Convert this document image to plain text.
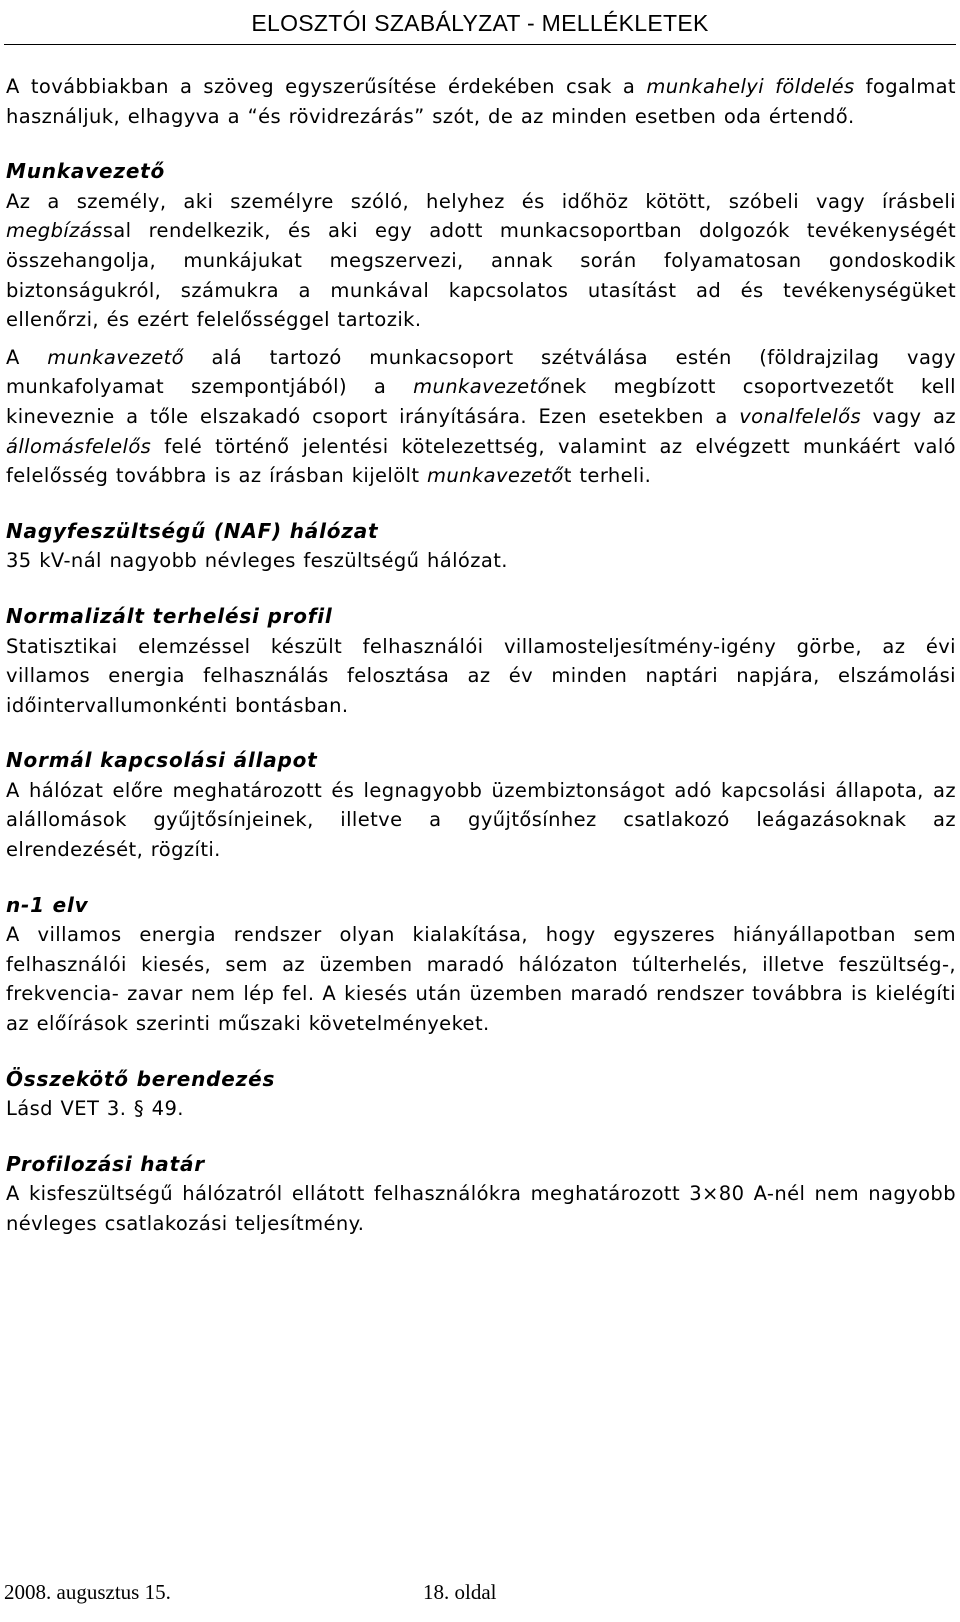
ELOSZTÓI SZABÁLYZAT - MELLÉKLETEK

A továbbiakban a szöveg egyszerűsítése érdekében csak a munkahelyi földelés fogalmat használjuk, elhagyva a “és rövidrezárás” szót, de az minden esetben oda értendő.

Munkavezető

Az a személy, aki személyre szóló, helyhez és időhöz kötött, szóbeli vagy írásbeli megbízással rendelkezik, és aki egy adott munkacsoportban dolgozók tevékenységét összehangolja, munkájukat megszervezi, annak során folyamatosan gondoskodik biztonságukról, számukra a munkával kapcsolatos utasítást ad és tevékenységüket ellenőrzi, és ezért felelősséggel tartozik.

A munkavezető alá tartozó munkacsoport szétválása estén (földrajzilag vagy munkafolyamat szempontjából) a munkavezetőnek megbízott csoportvezetőt kell kineveznie a tőle elszakadó csoport irányítására. Ezen esetekben a vonalfelelős vagy az állomásfelelős felé történő jelentési kötelezettség, valamint az elvégzett munkáért való felelősség továbbra is az írásban kijelölt munkavezetőt terheli.

Nagyfeszültségű (NAF) hálózat

35 kV-nál nagyobb névleges feszültségű hálózat.

Normalizált terhelési profil

Statisztikai elemzéssel készült felhasználói villamosteljesítmény-igény görbe, az évi villamos energia felhasználás felosztása az év minden naptári napjára, elszámolási időintervallumonkénti bontásban.

Normál kapcsolási állapot

A hálózat előre meghatározott és legnagyobb üzembiztonságot adó kapcsolási állapota, az alállomások gyűjtősínjeinek, illetve a gyűjtősínhez csatlakozó leágazásoknak az elrendezését, rögzíti.

n-1 elv

A villamos energia rendszer olyan kialakítása, hogy egyszeres hiányállapotban sem felhasználói kiesés, sem az üzemben maradó hálózaton túlterhelés, illetve feszültség-, frekvencia- zavar nem lép fel. A kiesés után üzemben maradó rendszer továbbra is kielégíti az előírások szerinti műszaki követelményeket.

Összekötő berendezés

Lásd VET 3. § 49.

Profilozási határ

A kisfeszültségű hálózatról ellátott felhasználókra meghatározott 3×80 A-nél nem nagyobb névleges csatlakozási teljesítmény.

2008. augusztus 15.	18. oldal
